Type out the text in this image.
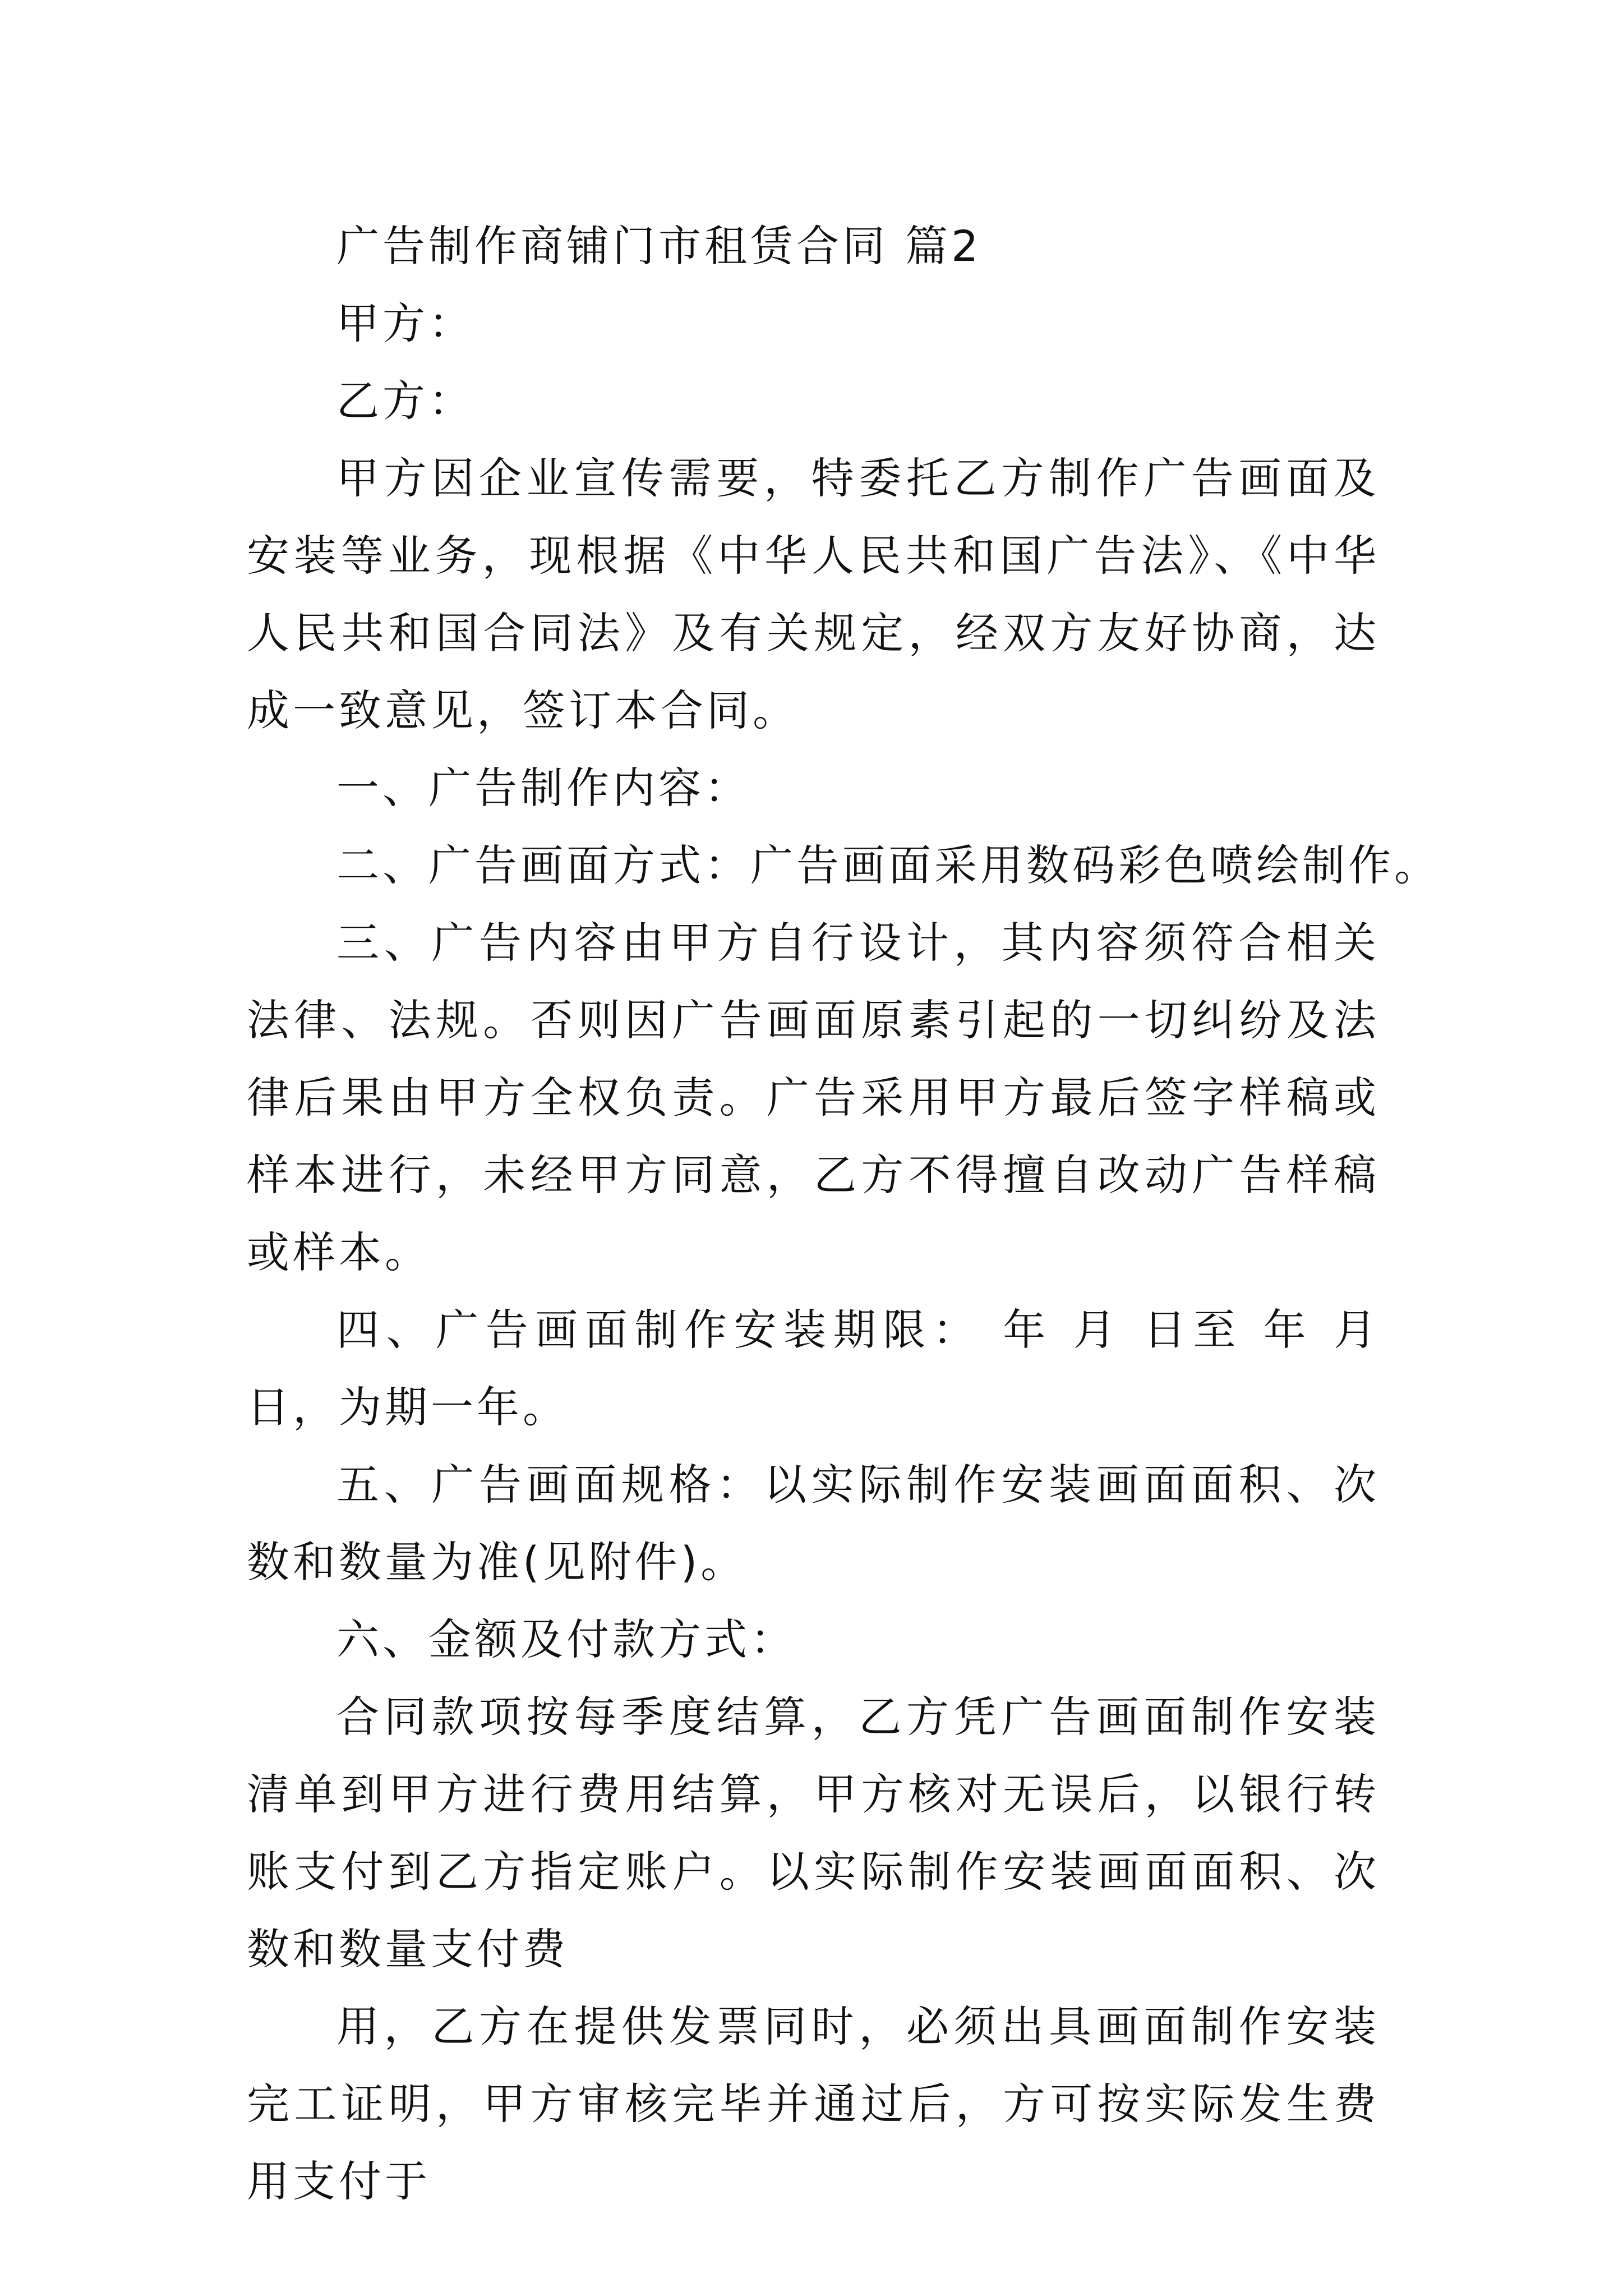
广告制作商铺门市租赁合同 篇2

甲方：

乙方：

甲方因企业宣传需要，特委托乙方制作广告画面及安装等业务，现根据《中华人民共和国广告法》、《中华人民共和国合同法》及有关规定，经双方友好协商，达成一致意见，签订本合同。

一、广告制作内容：

二、广告画面方式：广告画面采用数码彩色喷绘制作。

三、广告内容由甲方自行设计，其内容须符合相关法律、法规。否则因广告画面原素引起的一切纠纷及法律后果由甲方全权负责。广告采用甲方最后签字样稿或样本进行，未经甲方同意，乙方不得擅自改动广告样稿或样本。

四、广告画面制作安装期限： 年 月 日至 年 月 日，为期一年。

五、广告画面规格：以实际制作安装画面面积、次数和数量为准(见附件)。

六、金额及付款方式：

合同款项按每季度结算，乙方凭广告画面制作安装清单到甲方进行费用结算，甲方核对无误后，以银行转账支付到乙方指定账户。以实际制作安装画面面积、次数和数量支付费

用，乙方在提供发票同时，必须出具画面制作安装完工证明，甲方审核完毕并通过后，方可按实际发生费用支付于
